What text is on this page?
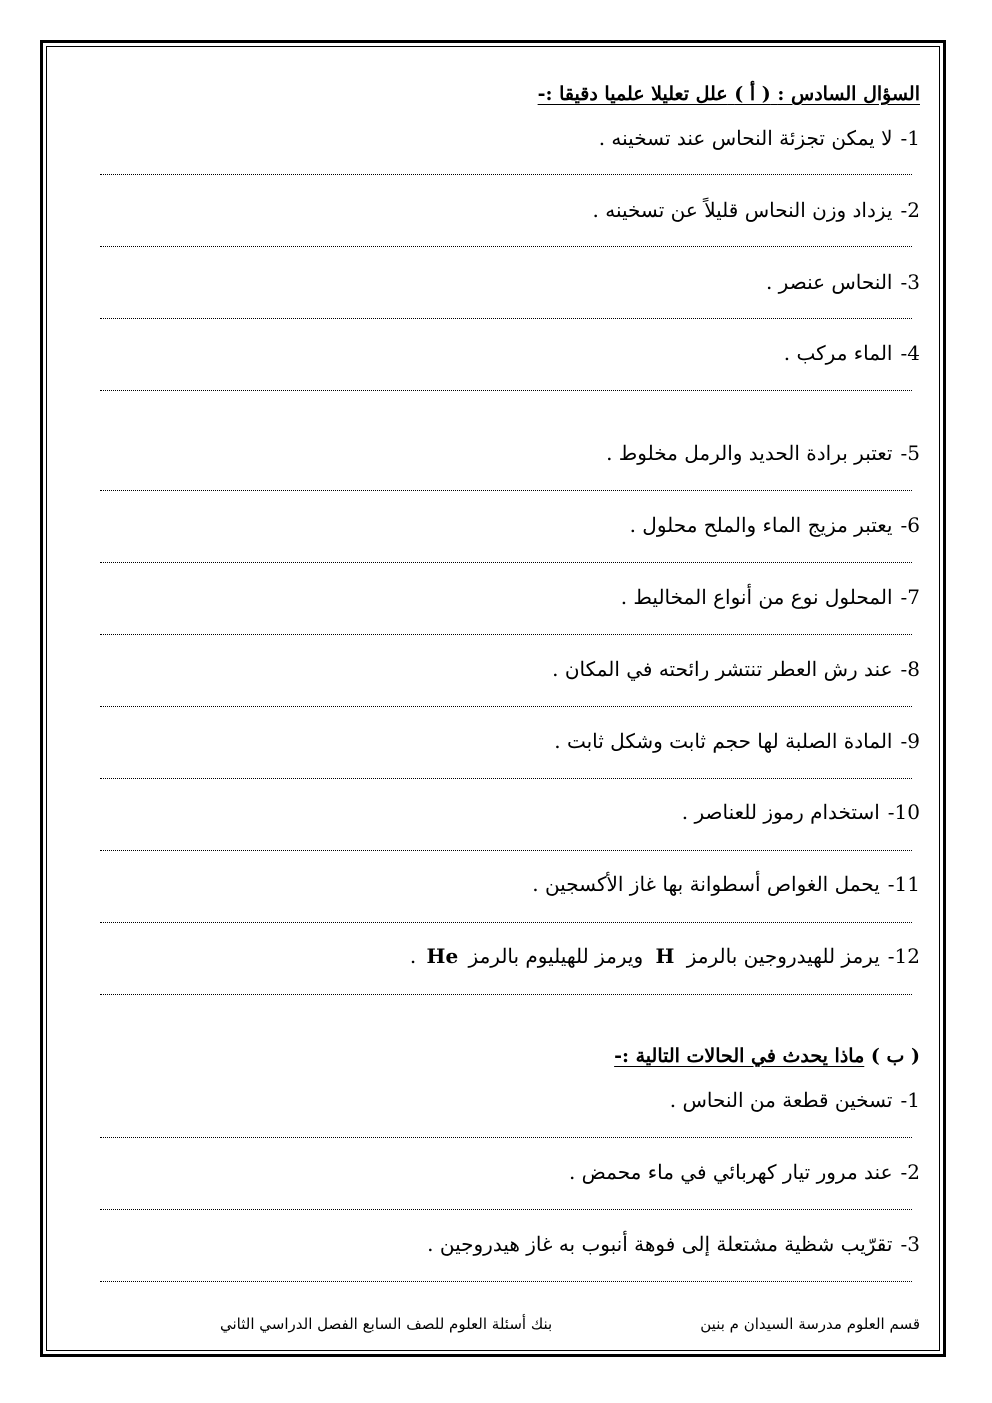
السؤال السادس : ( أ ) علل تعليلا علميا دقيقا :-
1-لا يمكن تجزئة النحاس عند تسخينه .
2-يزداد وزن النحاس قليلاً عن تسخينه .
3-النحاس عنصر .
4-الماء مركب .
5-تعتبر برادة الحديد والرمل مخلوط .
6-يعتبر مزيج الماء والملح محلول .
7-المحلول نوع من أنواع المخاليط .
8-عند رش العطر تنتشر رائحته في المكان .
9-المادة الصلبة لها حجم ثابت وشكل ثابت .
10-استخدام رموز للعناصر .
11-يحمل الغواص أسطوانة بها غاز الأكسجين .
12-يرمز للهيدروجين بالرمز H ويرمز للهيليوم بالرمز He .
( ب ) ماذا يحدث في الحالات التالية :-
1-تسخين قطعة من النحاس .
2-عند مرور تيار كهربائي في ماء محمض .
3-تقرّيب شظية مشتعلة إلى فوهة أنبوب به غاز هيدروجين .
قسم العلوم مدرسة السيدان م بنين
بنك أسئلة العلوم للصف السابع الفصل الدراسي الثاني
